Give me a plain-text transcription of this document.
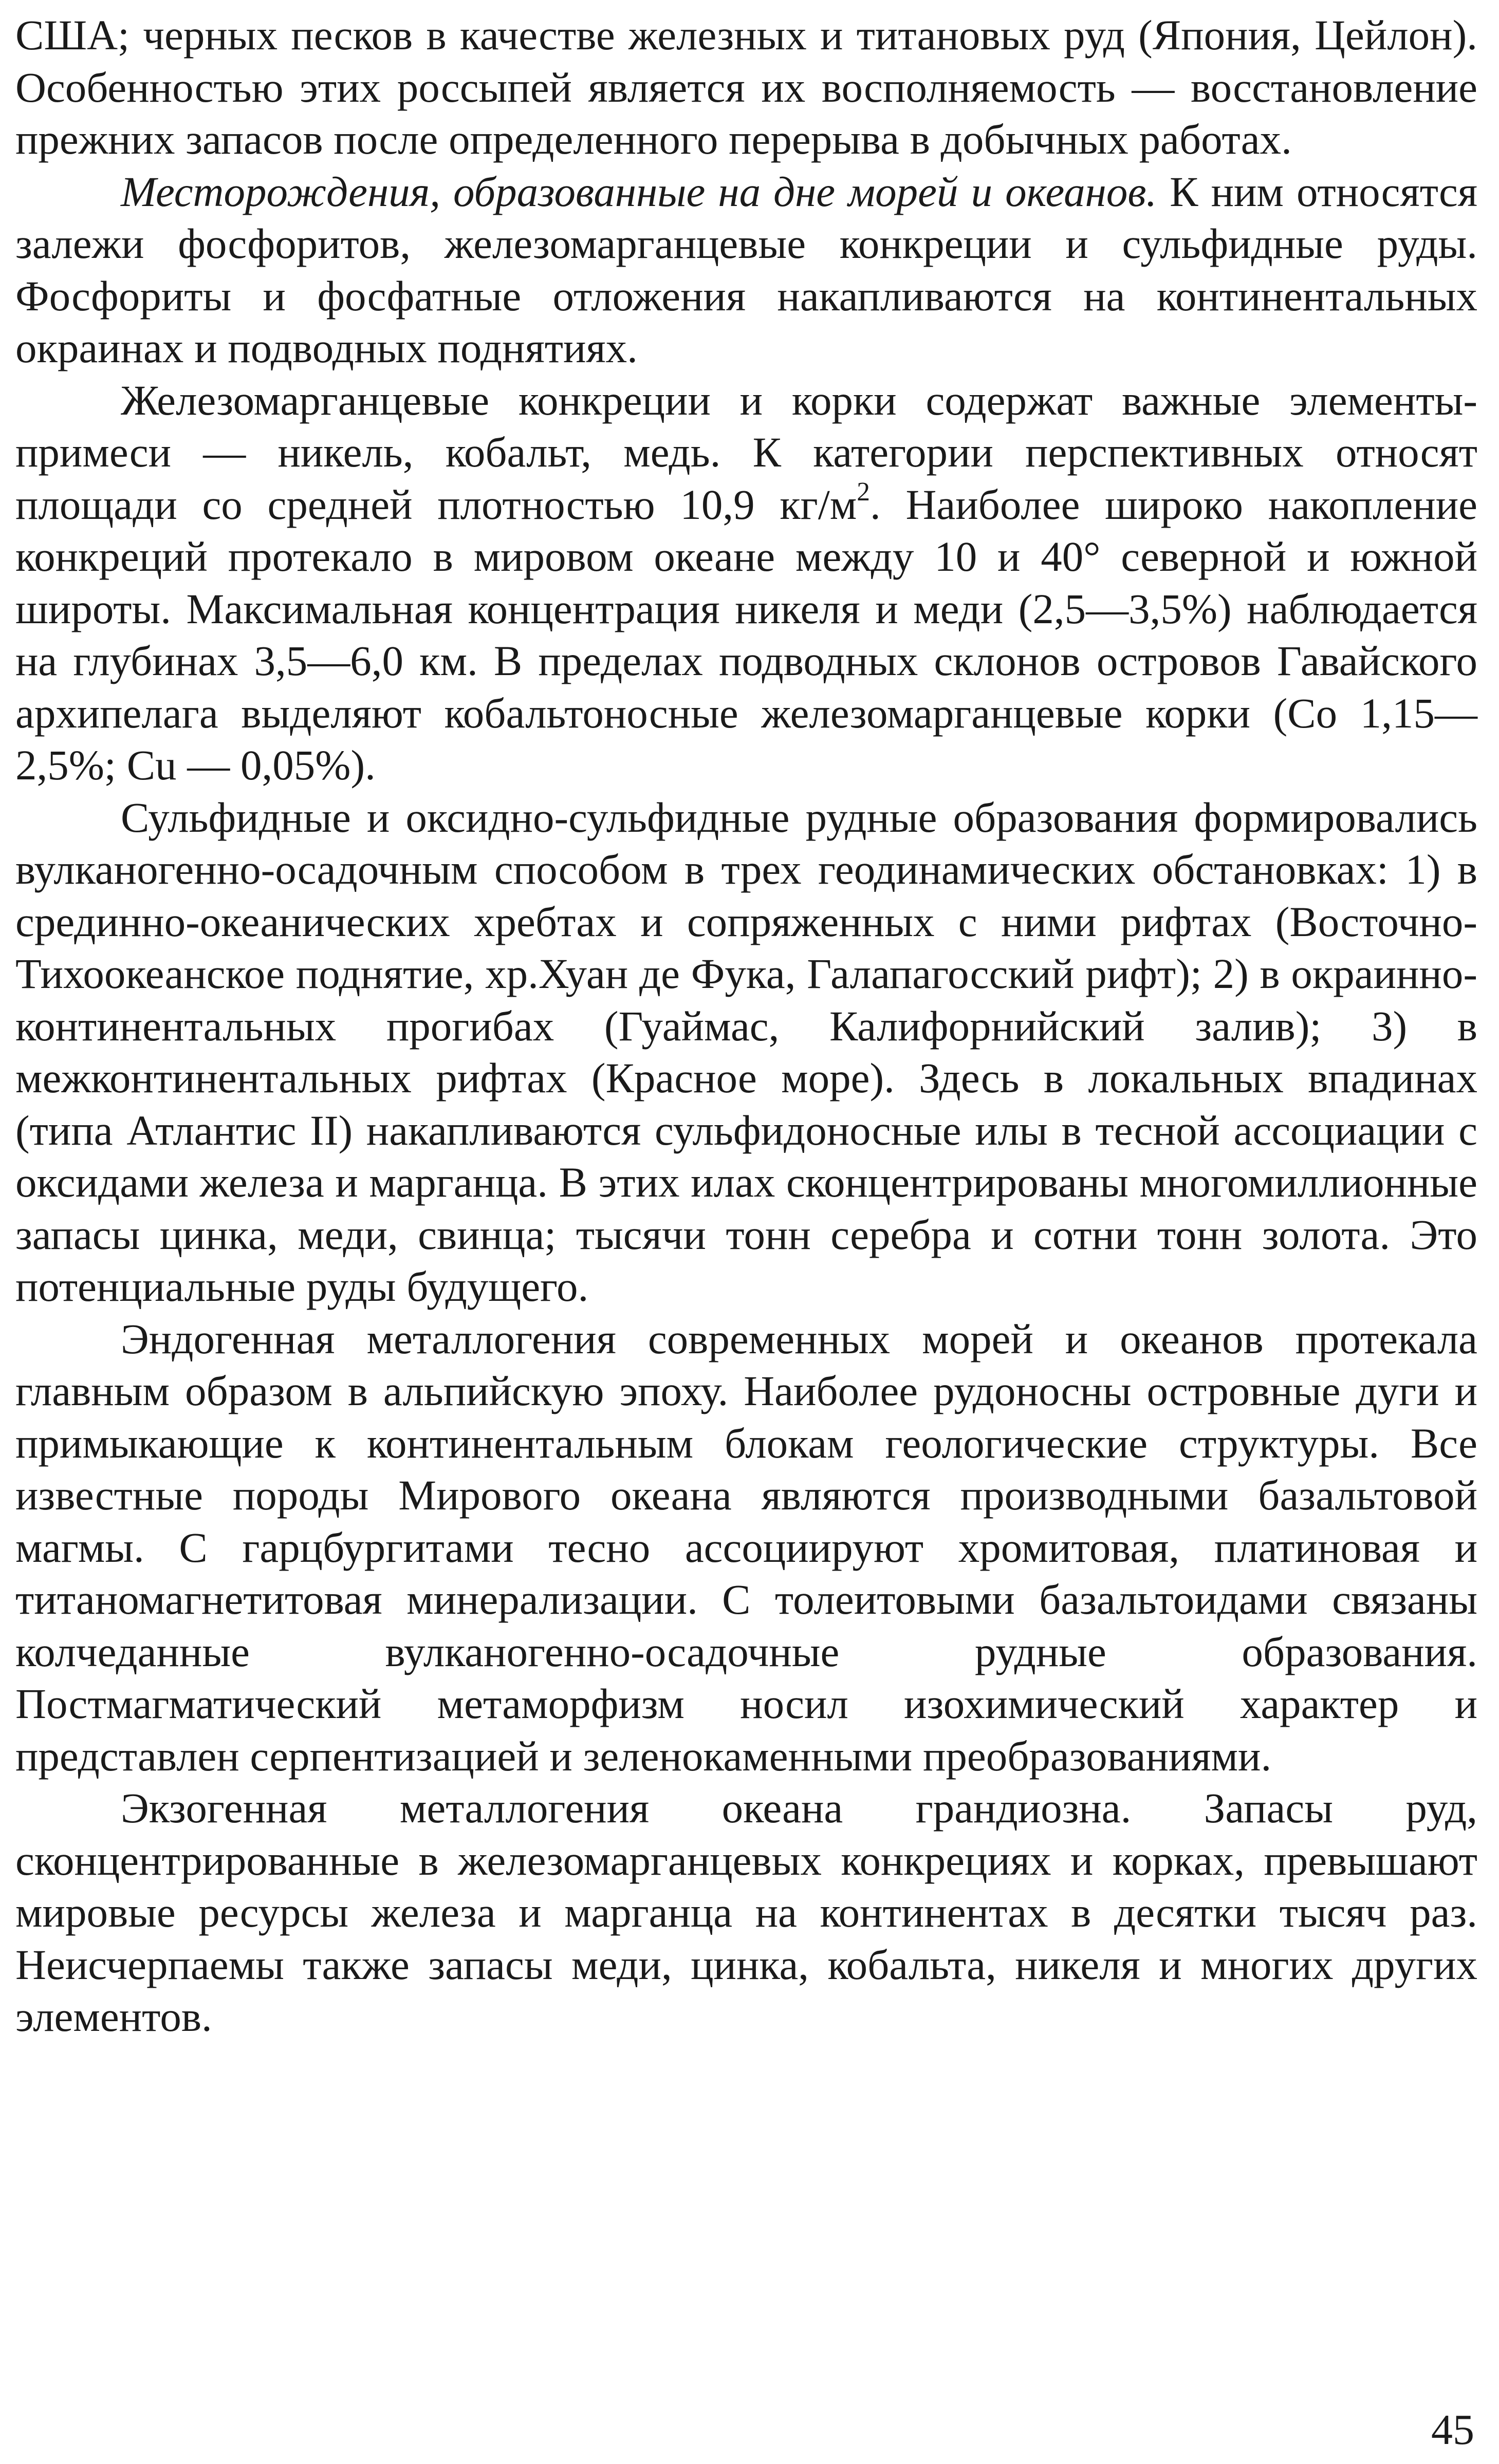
США; черных песков в качестве железных и титановых руд (Япония, Цейлон). Особенностью этих россыпей является их восполняемость — восстановление прежних запасов после определенного перерыва в добычных работах.

Месторождения, образованные на дне морей и океанов. К ним относятся залежи фосфоритов, железомарганцевые конкреции и сульфидные руды. Фосфориты и фосфатные отложения накапливаются на континентальных окраинах и подводных поднятиях.

Железомарганцевые конкреции и корки содержат важные элементы-примеси — никель, кобальт, медь. К категории перспективных относят площади со средней плотностью 10,9 $кг/м^2$. Наиболее широко накопление конкреций протекало в мировом океане между 10 и 40° северной и южной широты. Максимальная концентрация никеля и меди (2,5—3,5%) наблюдается на глубинах 3,5—6,0 км. В пределах подводных склонов островов Гавайского архипелага выделяют кобальтоносные железомарганцевые корки (Co 1,15—2,5%; Cu — 0,05%).

Сульфидные и оксидно-сульфидные рудные образования формировались вулканогенно-осадочным способом в трех геодинамических обстановках: 1) в срединно-океанических хребтах и сопряженных с ними рифтах (Восточно-Тихоокеанское поднятие, хр.Хуан де Фука, Галапагосский рифт); 2) в окраинно-континентальных прогибах (Гуаймас, Калифорнийский залив); 3) в межконтинентальных рифтах (Красное море). Здесь в локальных впадинах (типа Атлантис II) накапливаются сульфидоносные илы в тесной ассоциации с оксидами железа и марганца. В этих илах сконцентрированы многомиллионные запасы цинка, меди, свинца; тысячи тонн серебра и сотни тонн золота. Это потенциальные руды будущего.

Эндогенная металлогения современных морей и океанов протекала главным образом в альпийскую эпоху. Наиболее рудоносны островные дуги и примыкающие к континентальным блокам геологические структуры. Все известные породы Мирового океана являются производными базальтовой магмы. С гарцбургитами тесно ассоциируют хромитовая, платиновая и титаномагнетитовая минерализации. С толеитовыми базальтоидами связаны колчеданные вулканогенно-осадочные рудные образования. Постмагматический метаморфизм носил изохимический характер и представлен серпентизацией и зеленокаменными преобразованиями.

Экзогенная металлогения океана грандиозна. Запасы руд, сконцентрированные в железомарганцевых конкрециях и корках, превышают мировые ресурсы железа и марганца на континентах в десятки тысяч раз. Неисчерпаемы также запасы меди, цинка, кобальта, никеля и многих других элементов.

45
